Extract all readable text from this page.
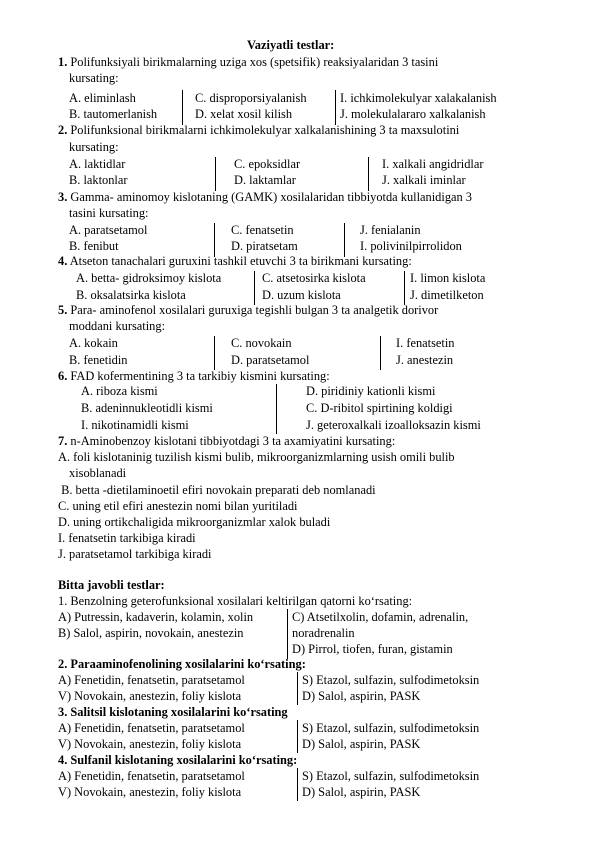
Vaziyatli testlar:
1. Polifunksiyali birikmalarning uziga xos (spetsifik) reaksiyalaridan 3 tasini
kursating:
A. eliminlash	C. disproporsiyalanish	I. ichkimolekulyar xalakalanish
B. tautomerlanish	D. xelat xosil kilish	J. molekulalararo xalkalanish
2. Polifunksional birikmalarni ichkimolekulyar xalkalanishining 3 ta maxsulotini
kursating:
A. laktidlar	C. epoksidlar	I. xalkali angidridlar
B. laktonlar	D. laktamlar	J. xalkali iminlar
3. Gamma- aminomoy kislotaning (GAMK) xosilalaridan tibbiyotda kullanidigan 3
tasini kursating:
A. paratsetamol	C. fenatsetin	J. fenialanin
B. fenibut	D. piratsetam	I. polivinilpirrolidon
4. Atseton tanachalari guruxini tashkil etuvchi 3 ta birikmani kursating:
A. betta- gidroksimoy kislota	C. atsetosirka kislota	I. limon kislota
B. oksalatsirka kislota	D. uzum kislota	J. dimetilketon
5. Para- aminofenol xosilalari guruxiga tegishli bulgan 3 ta analgetik dorivor
moddani kursating:
A. kokain	C. novokain	I. fenatsetin
B. fenetidin	D. paratsetamol	J. anestezin
6. FAD kofermentining 3 ta tarkibiy kismini kursating:
A. riboza kismi	D. piridiniy kationli kismi
B. adeninnukleotidli kismi	C. D-ribitol spirtining koldigi
I. nikotinamidli kismi	J. geteroxalkali izoalloksazin kismi
7. n-Aminobenzoy kislotani tibbiyotdagi 3 ta axamiyatini kursating:
A. foli kislotaninig tuzilish kismi bulib, mikroorganizmlarning usish omili bulib
xisoblanadi
B. betta -dietilaminoetil efiri novokain preparati deb nomlanadi
C. uning etil efiri anestezin nomi bilan yuritiladi
D. uning ortikchaligida mikroorganizmlar xalok buladi
I. fenatsetin tarkibiga kiradi
J. paratsetamol tarkibiga kiradi
Bitta javobli testlar:
1. Benzolning geterofunksional xosilalari keltirilgan qatorni ko‘rsating:
A) Putressin, kadaverin, kolamin, xolin
B) Salol, aspirin, novokain, anestezin
C) Atsetilxolin, dofamin, adrenalin,
noradrenalin
D) Pirrol, tiofen, furan, gistamin
2. Paraaminofenolining xosilalarini ko‘rsating:
A) Fenetidin, fenatsetin, paratsetamol	S) Etazol, sulfazin, sulfodimetoksin
V) Novokain, anestezin, foliy kislota	D) Salol, aspirin, PASK
3. Salitsil kislotaning xosilalarini ko‘rsating
A) Fenetidin, fenatsetin, paratsetamol	S) Etazol, sulfazin, sulfodimetoksin
V) Novokain, anestezin, foliy kislota	D) Salol, aspirin, PASK
4. Sulfanil kislotaning xosilalarini ko‘rsating:
A) Fenetidin, fenatsetin, paratsetamol	S) Etazol, sulfazin, sulfodimetoksin
V) Novokain, anestezin, foliy kislota	D) Salol, aspirin, PASK
